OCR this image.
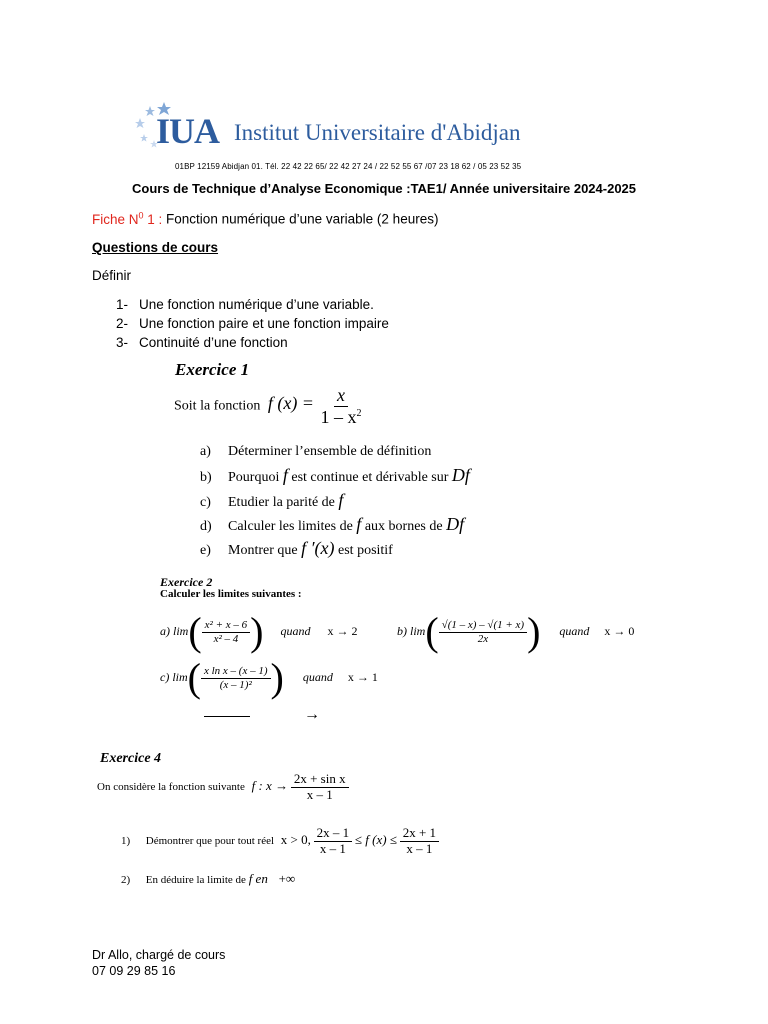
IUA Institut Universitaire d'Abidjan
01BP 12159 Abidjan 01. Tél. 22 42 22 65/ 22 42 27 24 / 22 52 55 67 /07 23 18 62 / 05 23 52 35
Cours de Technique d’Analyse Economique :TAE1/ Année universitaire 2024-2025
Fiche $N^0$ 1 : Fonction numérique d’une variable (2 heures)
Questions de cours
Définir
1- Une fonction numérique d’une variable.
2- Une fonction paire et une fonction impaire
3- Continuité d’une fonction
Exercice 1
Soit la fonction f $(x) = \frac{x}{1 - x^2}$
a) Déterminer l’ensemble de définition
b) Pourquoi f est continue et dérivable sur Df
c) Etudier la parité de f
d) Calculer les limites de f aux bornes de Df
e) Montrer que f ′(x) est positif
Exercice 2
Calculer les limites suivantes :
a) $\lim( \frac{\text{x² + x – 6}}{\text{x² – 4}}$ ) quand x → 2	b) $\lim( \frac{√(1 - x) - √(1 + x)}{2x}$ ) quand x → 0
c) $\lim( \frac{\text{x ln x – (x – 1)}}{\text{(x – 1)²}}$ ) quand x → 1
→
Exercice 4
On considère la fonction suivante f : $x \to \frac{\text{2x + sin x}}{x - 1}$
1) Démontrer que pour tout réel x > 0, $\frac{2x - 1}{x - 1} \le f$ $(x) \le \frac{2x + 1}{x - 1}$
2) En déduire la limite de f en +∞
Dr Allo, chargé de cours
07 09 29 85 16
